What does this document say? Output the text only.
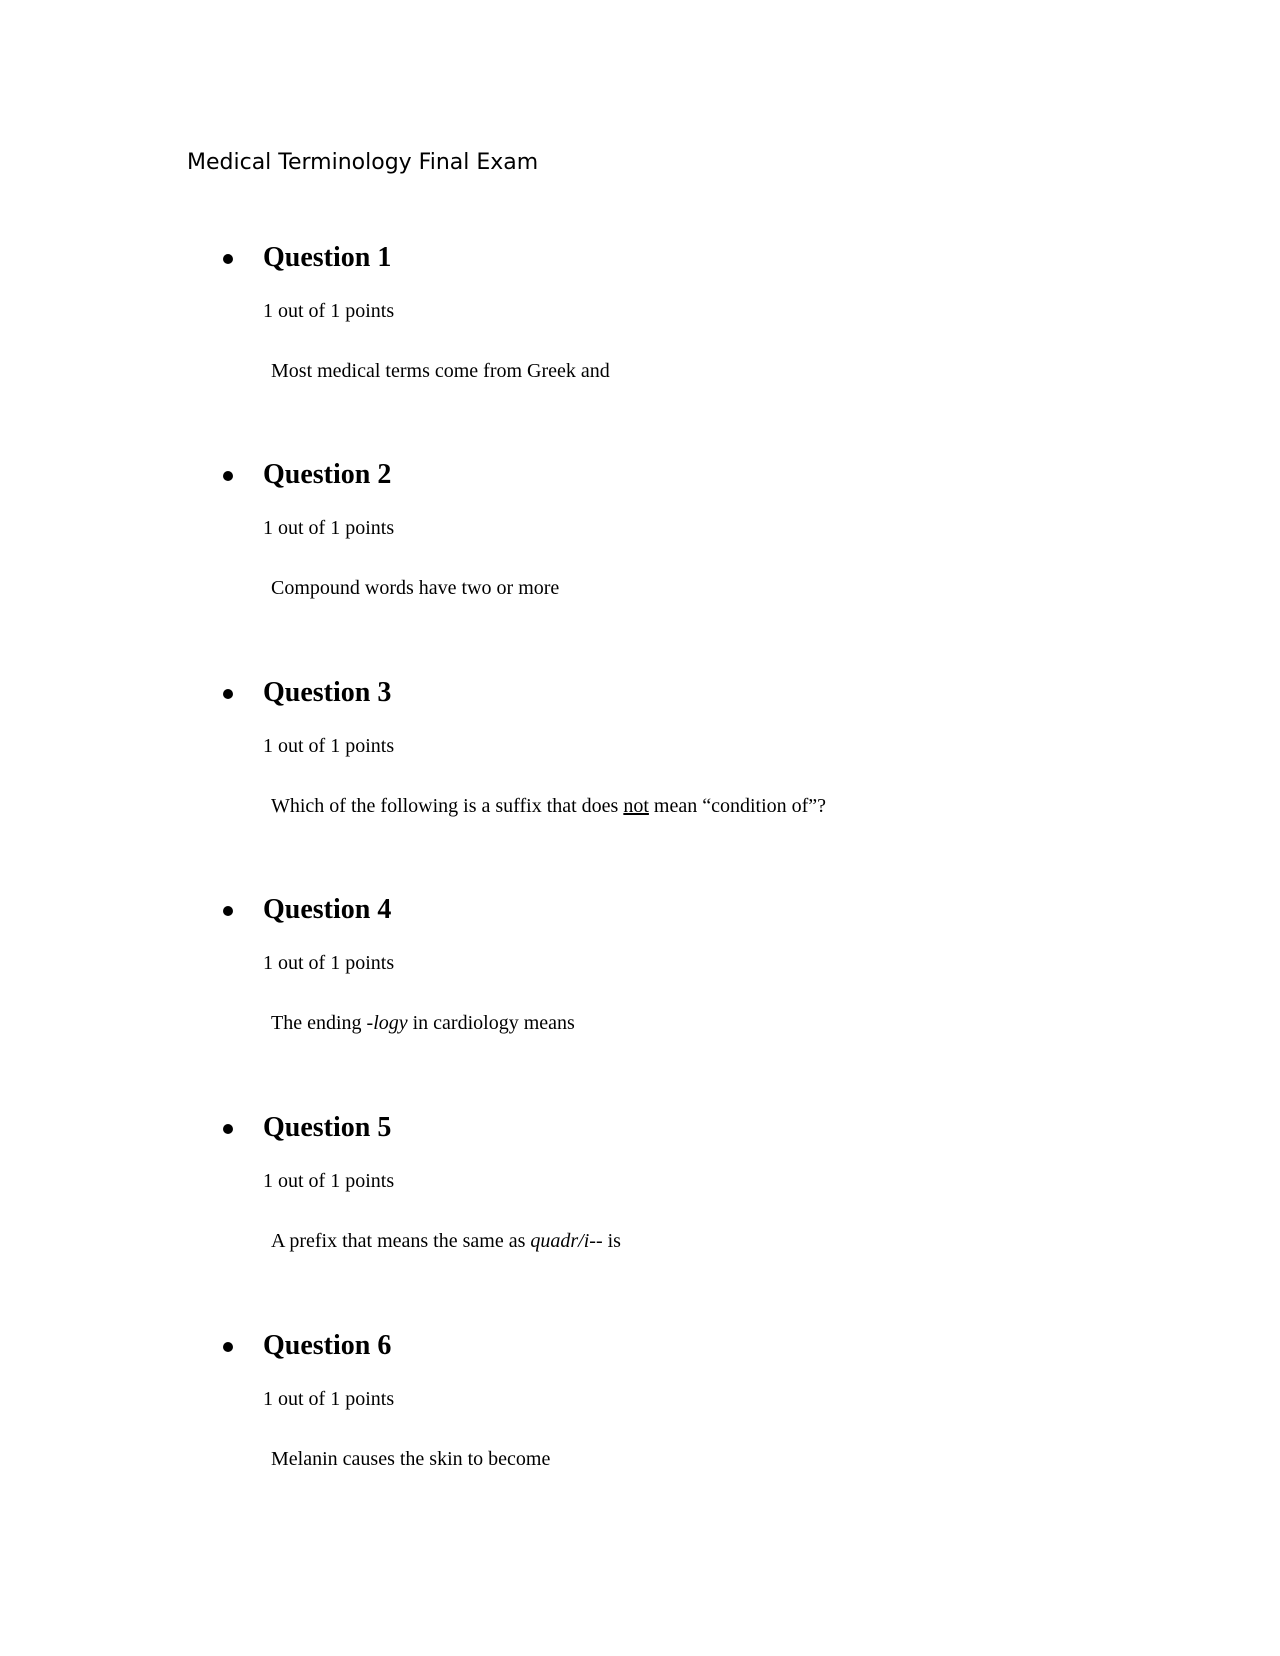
Medical Terminology Final Exam
Question 1
1 out of 1 points
Most medical terms come from Greek and
Question 2
1 out of 1 points
Compound words have two or more
Question 3
1 out of 1 points
Which of the following is a suffix that does not mean “condition of”?
Question 4
1 out of 1 points
The ending -logy in cardiology means
Question 5
1 out of 1 points
A prefix that means the same as quadr/i-- is
Question 6
1 out of 1 points
Melanin causes the skin to become
